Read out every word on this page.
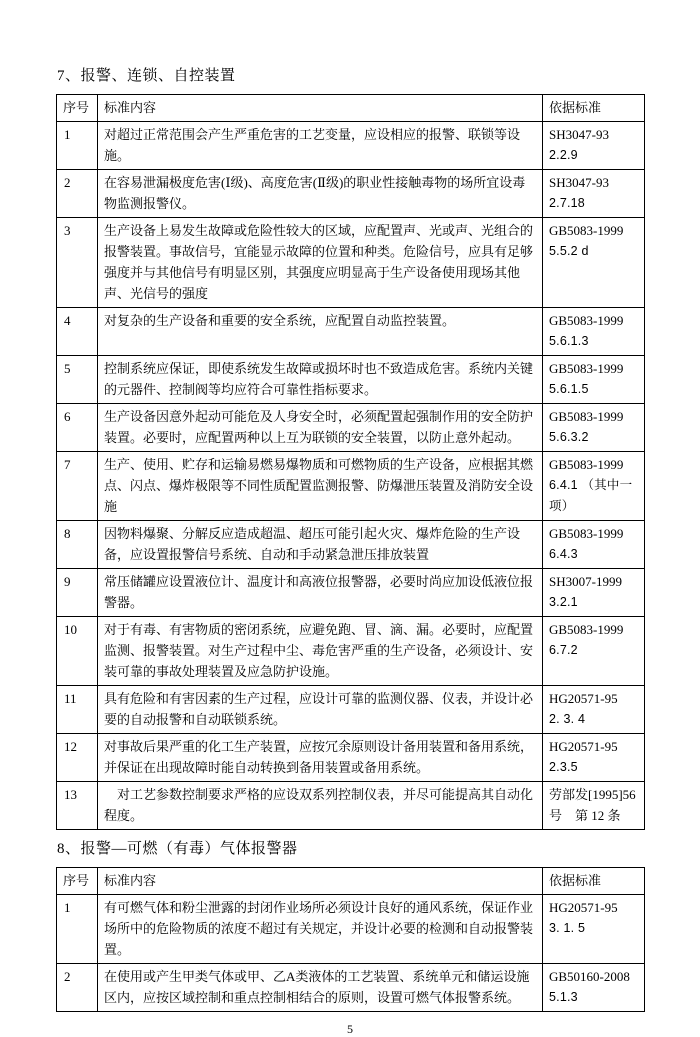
7、报警、连锁、自控装置
序号	标准内容	依据标准
1	对超过正常范围会产生严重危害的工艺变量，应设相应的报警、联锁等设施。	SH3047-93
2.2.9

2	在容易泄漏极度危害(Ⅰ级)、高度危害(Ⅱ级)的职业性接触毒物的场所宜设毒物监测报警仪。	SH3047-93
2.7.18

3	生产设备上易发生故障或危险性较大的区域，应配置声、光或声、光组合的报警装置。事故信号，宜能显示故障的位置和种类。危险信号，应具有足够强度并与其他信号有明显区别，其强度应明显高于生产设备使用现场其他声、光信号的强度	GB5083-1999
5.5.2 d

4	对复杂的生产设备和重要的安全系统，应配置自动监控装置。	GB5083-1999
5.6.1.3

5	控制系统应保证，即使系统发生故障或损坏时也不致造成危害。系统内关键的元器件、控制阀等均应符合可靠性指标要求。	GB5083-1999
5.6.1.5

6	生产设备因意外起动可能危及人身安全时，必须配置起强制作用的安全防护装置。必要时，应配置两种以上互为联锁的安全装置，以防止意外起动。	GB5083-1999
5.6.3.2

7	生产、使用、贮存和运输易燃易爆物质和可燃物质的生产设备，应根据其燃点、闪点、爆炸极限等不同性质配置监测报警、防爆泄压装置及消防安全设施	GB5083-1999
6.4.1 （其中一项）

8	因物料爆聚、分解反应造成超温、超压可能引起火灾、爆炸危险的生产设备，应设置报警信号系统、自动和手动紧急泄压排放装置	GB5083-1999
6.4.3

9	常压储罐应设置液位计、温度计和高液位报警器，必要时尚应加设低液位报警器。	SH3007-1999
3.2.1

10	对于有毒、有害物质的密闭系统，应避免跑、冒、滴、漏。必要时，应配置监测、报警装置。对生产过程中尘、毒危害严重的生产设备，必须设计、安装可靠的事故处理装置及应急防护设施。	GB5083-1999
6.7.2

11	具有危险和有害因素的生产过程，应设计可靠的监测仪器、仪表，并设计必要的自动报警和自动联锁系统。	HG20571-95
2. 3. 4

12	对事故后果严重的化工生产装置，应按冗余原则设计备用装置和备用系统，并保证在出现故障时能自动转换到备用装置或备用系统。	HG20571-95
2.3.5

13	　对工艺参数控制要求严格的应设双系列控制仪表，并尽可能提高其自动化程度。	劳部发[1995]56号　第 12 条
8、报警—可燃（有毒）气体报警器
序号	标准内容	依据标准
1	有可燃气体和粉尘泄露的封闭作业场所必须设计良好的通风系统，保证作业场所中的危险物质的浓度不超过有关规定，并设计必要的检测和自动报警装置。	HG20571-95
3. 1. 5

2	在使用或产生甲类气体或甲、乙A类液体的工艺装置、系统单元和储运设施区内，应按区域控制和重点控制相结合的原则，设置可燃气体报警系统。	GB50160-2008
5.1.3
5
